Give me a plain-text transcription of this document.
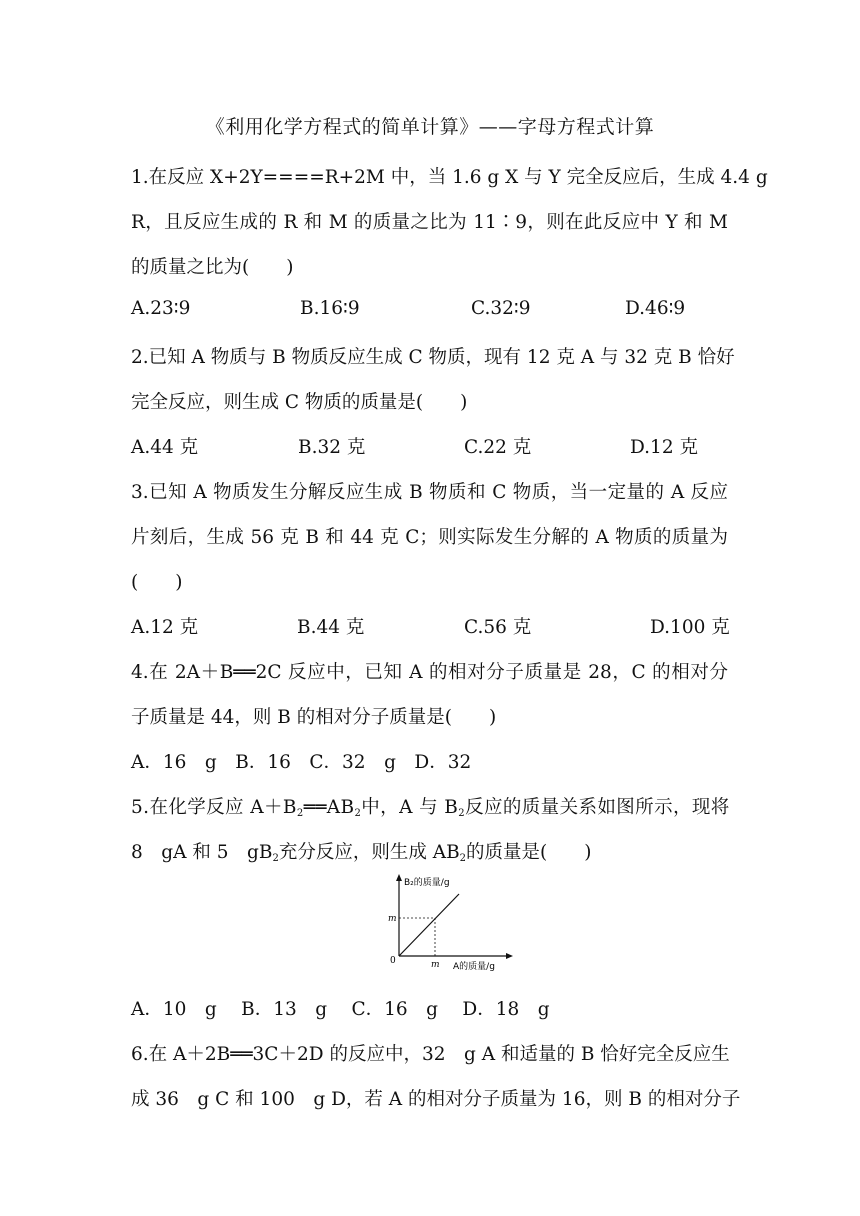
《利用化学方程式的简单计算》——字母方程式计算
1.在反应 X+2Y====R+2M 中，当 1.6 g X 与 Y 完全反应后，生成 4.4 g
R，且反应生成的 R 和 M 的质量之比为 11∶9，则在此反应中 Y 和 M
的质量之比为(　　)
A.23∶9	B.16∶9	C.32∶9	D.46∶9
2.已知 A 物质与 B 物质反应生成 C 物质，现有 12 克 A 与 32 克 B 恰好
完全反应，则生成 C 物质的质量是(　　)
A.44 克	B.32 克	C.22 克	D.12 克
3.已知 A 物质发生分解反应生成 B 物质和 C 物质，当一定量的 A 反应
片刻后，生成 56 克 B 和 44 克 C；则实际发生分解的 A 物质的质量为
(　　)
A.12 克	B.44 克	C.56 克	D.100 克
4.在 2A＋B══2C 反应中，已知 A 的相对分子质量是 28，C 的相对分
子质量是 44，则 B 的相对分子质量是(　　)
A．16　g　B．16　C．32　g　D．32
5.在化学反应 $A+B_2══AB_2$中，A 与 $B_2$反应的质量关系如图所示，现将
8　gA 和 5　$gB_2$充分反应，则生成 $AB_2$的质量是(　　)
B₂的质量/g
A的质量/g
0	m
m
A．10　g　 B．13　g　 C．16　g　 D．18　g
6.在 A＋2B══3C＋2D 的反应中，32　g A 和适量的 B 恰好完全反应生
成 36　g C 和 100　g D，若 A 的相对分子质量为 16，则 B 的相对分子
